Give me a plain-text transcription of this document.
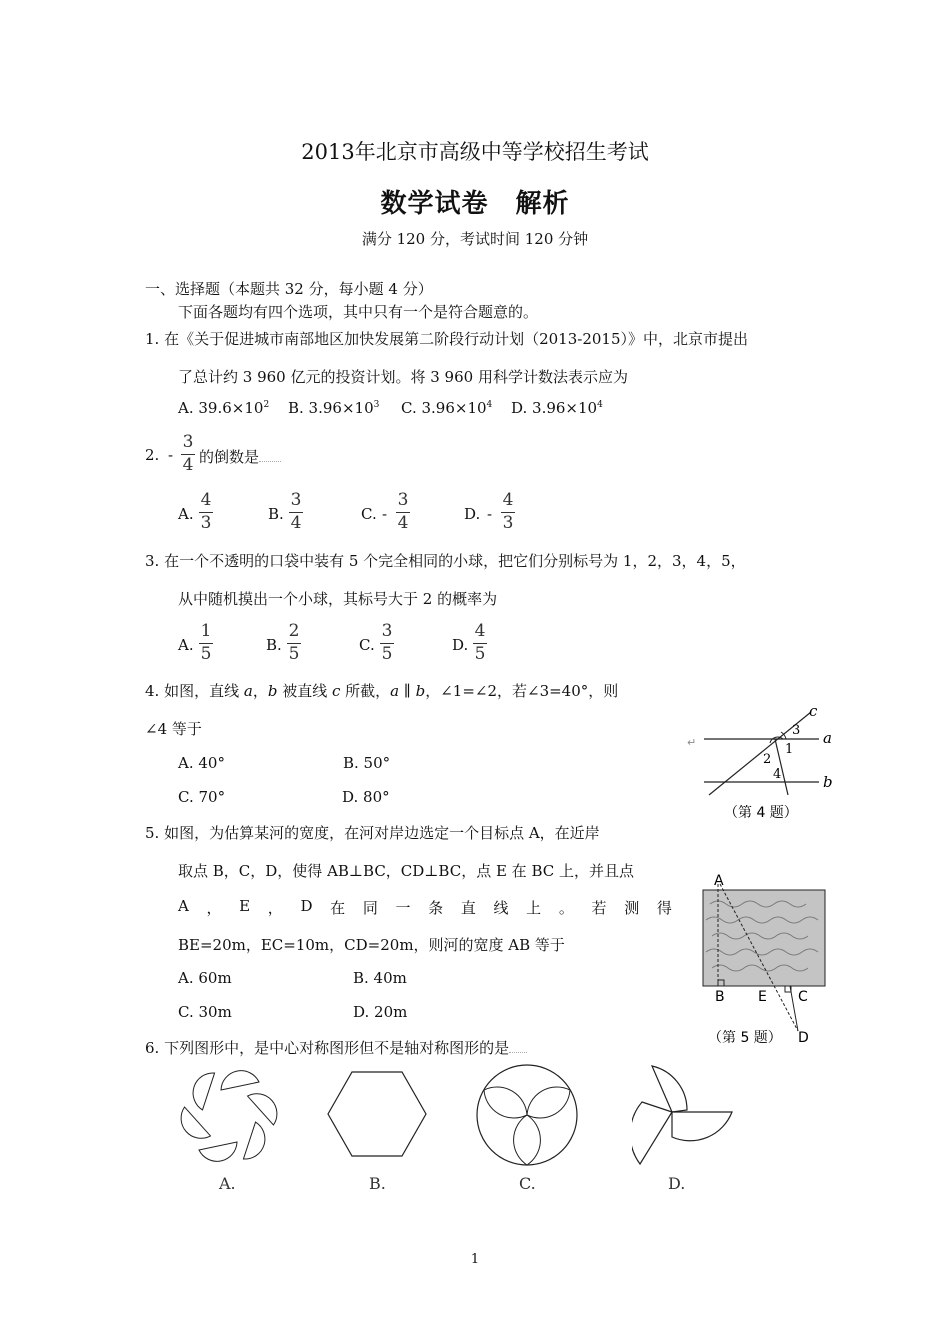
2013年北京市高级中等学校招生考试
数学试卷　解析
满分 120 分，考试时间 120 分钟
一、选择题（本题共 32 分，每小题 4 分）
下面各题均有四个选项，其中只有一个是符合题意的。
1. 在《关于促进城市南部地区加快发展第二阶段行动计划（2013-2015）》中，北京市提出
了总计约 3 960 亿元的投资计划。将 3 960 用科学计数法表示应为
A. $39.6\times 10^2$ B. $3.96\times 10^3$ C. $3.96\times 10^4$ D. $3.96\times 10^4$
2. -
3
4 的倒数是
A.
4
3	B.
3
4	C. -
3
4	D. -
4
3
3. 在一个不透明的口袋中装有 5 个完全相同的小球，把它们分别标号为 1，2，3，4，5，
从中随机摸出一个小球，其标号大于 2 的概率为
A.
1
5	B.
2
5	C.
3
5	D.
4
5
4. 如图，直线 a，b 被直线 c 所截，a ∥ b，∠1=∠2，若∠3=40°，则
∠4 等于
A. 40°	B. 50°
C. 70°	D. 80°
↵
c
3 a
1
2
4	b
（第 4 题）
5. 如图，为估算某河的宽度，在河对岸边选定一个目标点 A，在近岸
取点 B，C，D，使得 AB⊥BC，CD⊥BC，点 E 在 BC 上，并且点
A ， E ， D 在 同 一 条 直 线 上 。 若 测 得
BE=20m，EC=10m，CD=20m，则河的宽度 AB 等于
A. 60m	B. 40m
C. 30m	D. 20m
A
B E C
D
（第 5 题）
6. 下列图形中，是中心对称图形但不是轴对称图形的是
A.	B.	C.	D.
1
